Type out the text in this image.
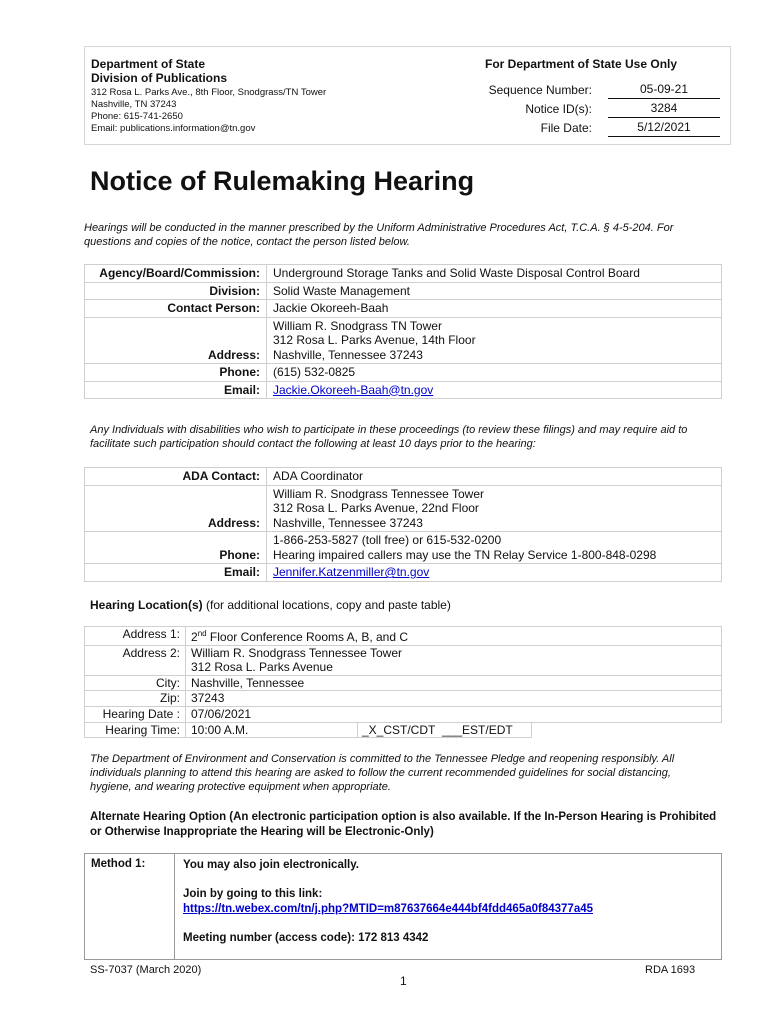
Department of State
Division of Publications
312 Rosa L. Parks Ave., 8th Floor, Snodgrass/TN Tower
Nashville, TN 37243
Phone: 615-741-2650
Email: publications.information@tn.gov
For Department of State Use Only
Sequence Number:	05-09-21
Notice ID(s):	3284
File Date:	5/12/2021
Notice of Rulemaking Hearing
Hearings will be conducted in the manner prescribed by the Uniform Administrative Procedures Act, T.C.A. § 4-5-204. For questions and copies of the notice, contact the person listed below.
Agency/Board/Commission:	Underground Storage Tanks and Solid Waste Disposal Control Board
Division:	Solid Waste Management
Contact Person:	Jackie Okoreeh-Baah
Address:	William R. Snodgrass TN Tower
312 Rosa L. Parks Avenue, 14th Floor
Nashville, Tennessee 37243

Phone:	(615) 532-0825
Email:	Jackie.Okoreeh-Baah@tn.gov
Any Individuals with disabilities who wish to participate in these proceedings (to review these filings) and may require aid to facilitate such participation should contact the following at least 10 days prior to the hearing:
ADA Contact:	ADA Coordinator
Address:	William R. Snodgrass Tennessee Tower
312 Rosa L. Parks Avenue, 22nd Floor
Nashville, Tennessee 37243

Phone:	1-866-253-5827 (toll free) or 615-532-0200
Hearing impaired callers may use the TN Relay Service 1-800-848-0298

Email:	Jennifer.Katzenmiller@tn.gov
Hearing Location(s) (for additional locations, copy and paste table)
Address 1:	2nd Floor Conference Rooms A, B, and C		
Address 2:	William R. Snodgrass Tennessee Tower
312 Rosa L. Parks Avenue		

City:	Nashville, Tennessee		
Zip:	37243		
Hearing Date :	07/06/2021		
Hearing Time:	10:00 A.M.	_X_CST/CDT ___EST/EDT	
The Department of Environment and Conservation is committed to the Tennessee Pledge and reopening responsibly. All individuals planning to attend this hearing are asked to follow the current recommended guidelines for social distancing, hygiene, and wearing protective equipment when appropriate.
Alternate Hearing Option (An electronic participation option is also available. If the In-Person Hearing is Prohibited or Otherwise Inappropriate the Hearing will be Electronic-Only)
Method 1:	You may also join electronically.
Join by going to this link:
https://tn.webex.com/tn/j.php?MTID=m87637664e444bf4fdd465a0f84377a45
Meeting number (access code): 172 813 4342
SS-7037 (March 2020)
1
RDA 1693
